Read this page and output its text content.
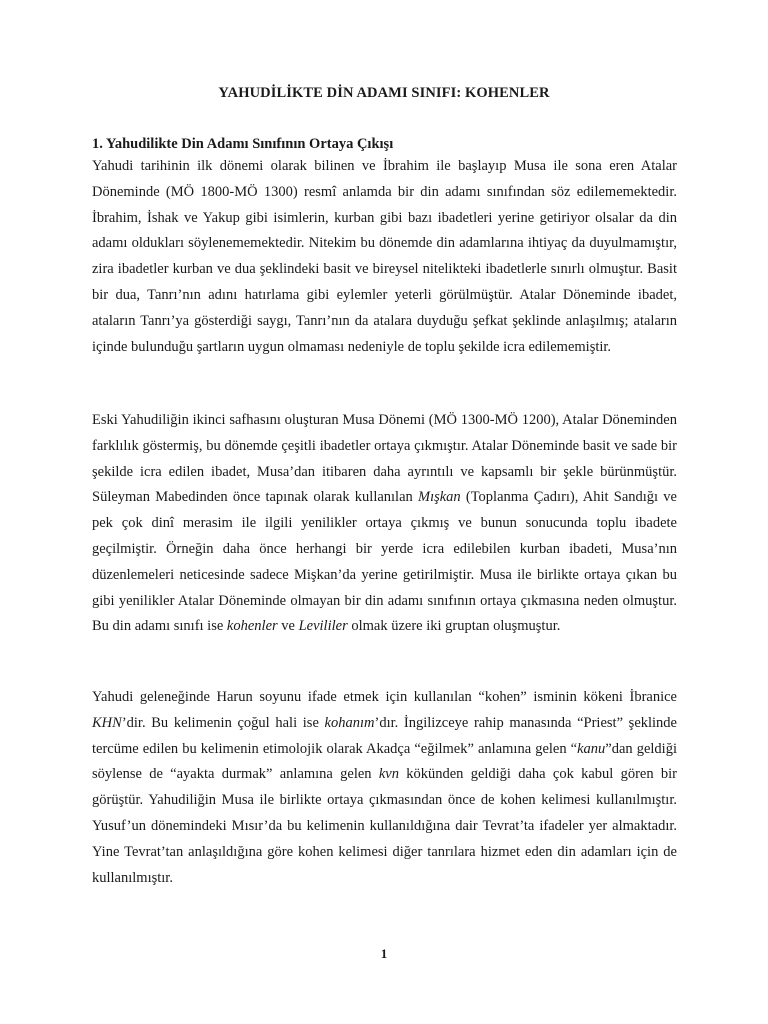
YAHUDİLİKTE DİN ADAMI SINIFI: KOHENLER
1. Yahudilikte Din Adamı Sınıfının Ortaya Çıkışı

Yahudi tarihinin ilk dönemi olarak bilinen ve İbrahim ile başlayıp Musa ile sona eren Atalar Döneminde (MÖ 1800-MÖ 1300) resmî anlamda bir din adamı sınıfından söz edilememektedir. İbrahim, İshak ve Yakup gibi isimlerin, kurban gibi bazı ibadetleri yerine getiriyor olsalar da din adamı oldukları söylenememektedir. Nitekim bu dönemde din adamlarına ihtiyaç da duyulmamıştır, zira ibadetler kurban ve dua şeklindeki basit ve bireysel nitelikteki ibadetlerle sınırlı olmuştur. Basit bir dua, Tanrı’nın adını hatırlama gibi eylemler yeterli görülmüştür. Atalar Döneminde ibadet, ataların Tanrı’ya gösterdiği saygı, Tanrı’nın da atalara duyduğu şefkat şeklinde anlaşılmış; ataların içinde bulunduğu şartların uygun olmaması nedeniyle de toplu şekilde icra edilememiştir.

Eski Yahudiliğin ikinci safhasını oluşturan Musa Dönemi (MÖ 1300-MÖ 1200), Atalar Döneminden farklılık göstermiş, bu dönemde çeşitli ibadetler ortaya çıkmıştır. Atalar Döneminde basit ve sade bir şekilde icra edilen ibadet, Musa’dan itibaren daha ayrıntılı ve kapsamlı bir şekle bürünmüştür. Süleyman Mabedinden önce tapınak olarak kullanılan Mışkan (Toplanma Çadırı), Ahit Sandığı ve pek çok dinî merasim ile ilgili yenilikler ortaya çıkmış ve bunun sonucunda toplu ibadete geçilmiştir. Örneğin daha önce herhangi bir yerde icra edilebilen kurban ibadeti, Musa’nın düzenlemeleri neticesinde sadece Mişkan’da yerine getirilmiştir. Musa ile birlikte ortaya çıkan bu gibi yenilikler Atalar Döneminde olmayan bir din adamı sınıfının ortaya çıkmasına neden olmuştur. Bu din adamı sınıfı ise kohenler ve Levililer olmak üzere iki gruptan oluşmuştur.

Yahudi geleneğinde Harun soyunu ifade etmek için kullanılan “kohen” isminin kökeni İbranice KHN’dir. Bu kelimenin çoğul hali ise kohanım’dır. İngilizceye rahip manasında “Priest” şeklinde tercüme edilen bu kelimenin etimolojik olarak Akadça “eğilmek” anlamına gelen “kanu”dan geldiği söylense de “ayakta durmak” anlamına gelen kvn kökünden geldiği daha çok kabul gören bir görüştür. Yahudiliğin Musa ile birlikte ortaya çıkmasından önce de kohen kelimesi kullanılmıştır. Yusuf’un dönemindeki Mısır’da bu kelimenin kullanıldığına dair Tevrat’ta ifadeler yer almaktadır. Yine Tevrat’tan anlaşıldığına göre kohen kelimesi diğer tanrılara hizmet eden din adamları için de kullanılmıştır.

1
